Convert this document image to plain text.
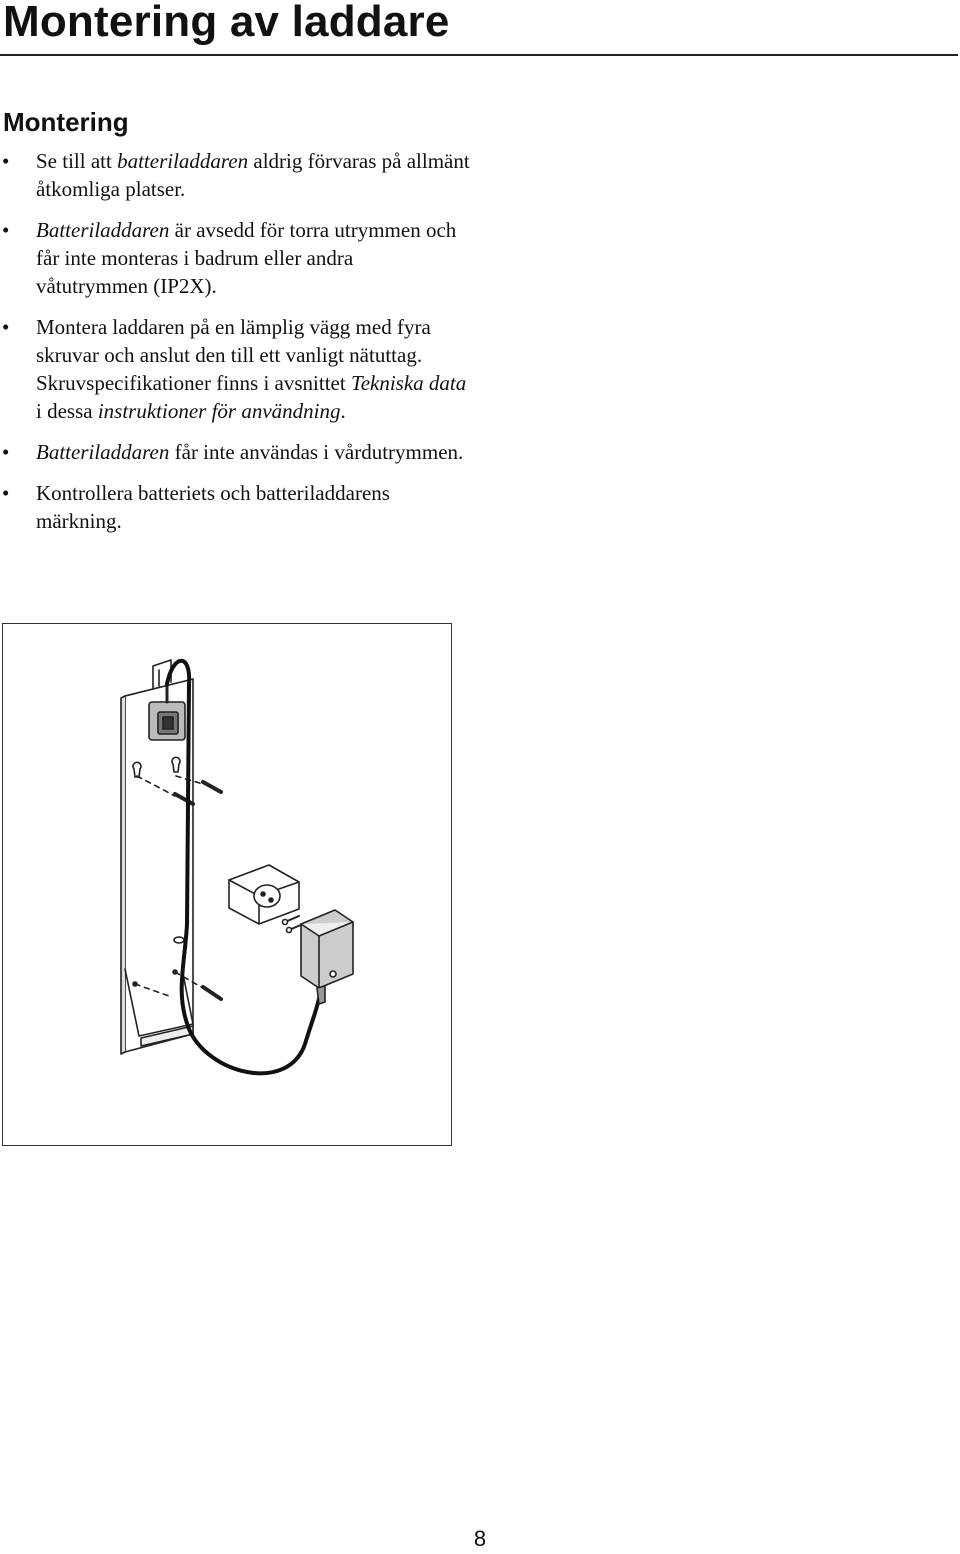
Montering av laddare
Montering
• Se till att batteriladdaren aldrig förvaras på allmänt åtkomliga platser.
• Batteriladdaren är avsedd för torra utrymmen och får inte monteras i badrum eller andra våtutrymmen (IP2X).
• Montera laddaren på en lämplig vägg med fyra skruvar och anslut den till ett vanligt nätuttag. Skruvspecifikationer finns i avsnittet Tekniska data i dessa instruktioner för användning.
• Batteriladdaren får inte användas i vårdutrymmen.
• Kontrollera batteriets och batteriladdarens märkning.
8
